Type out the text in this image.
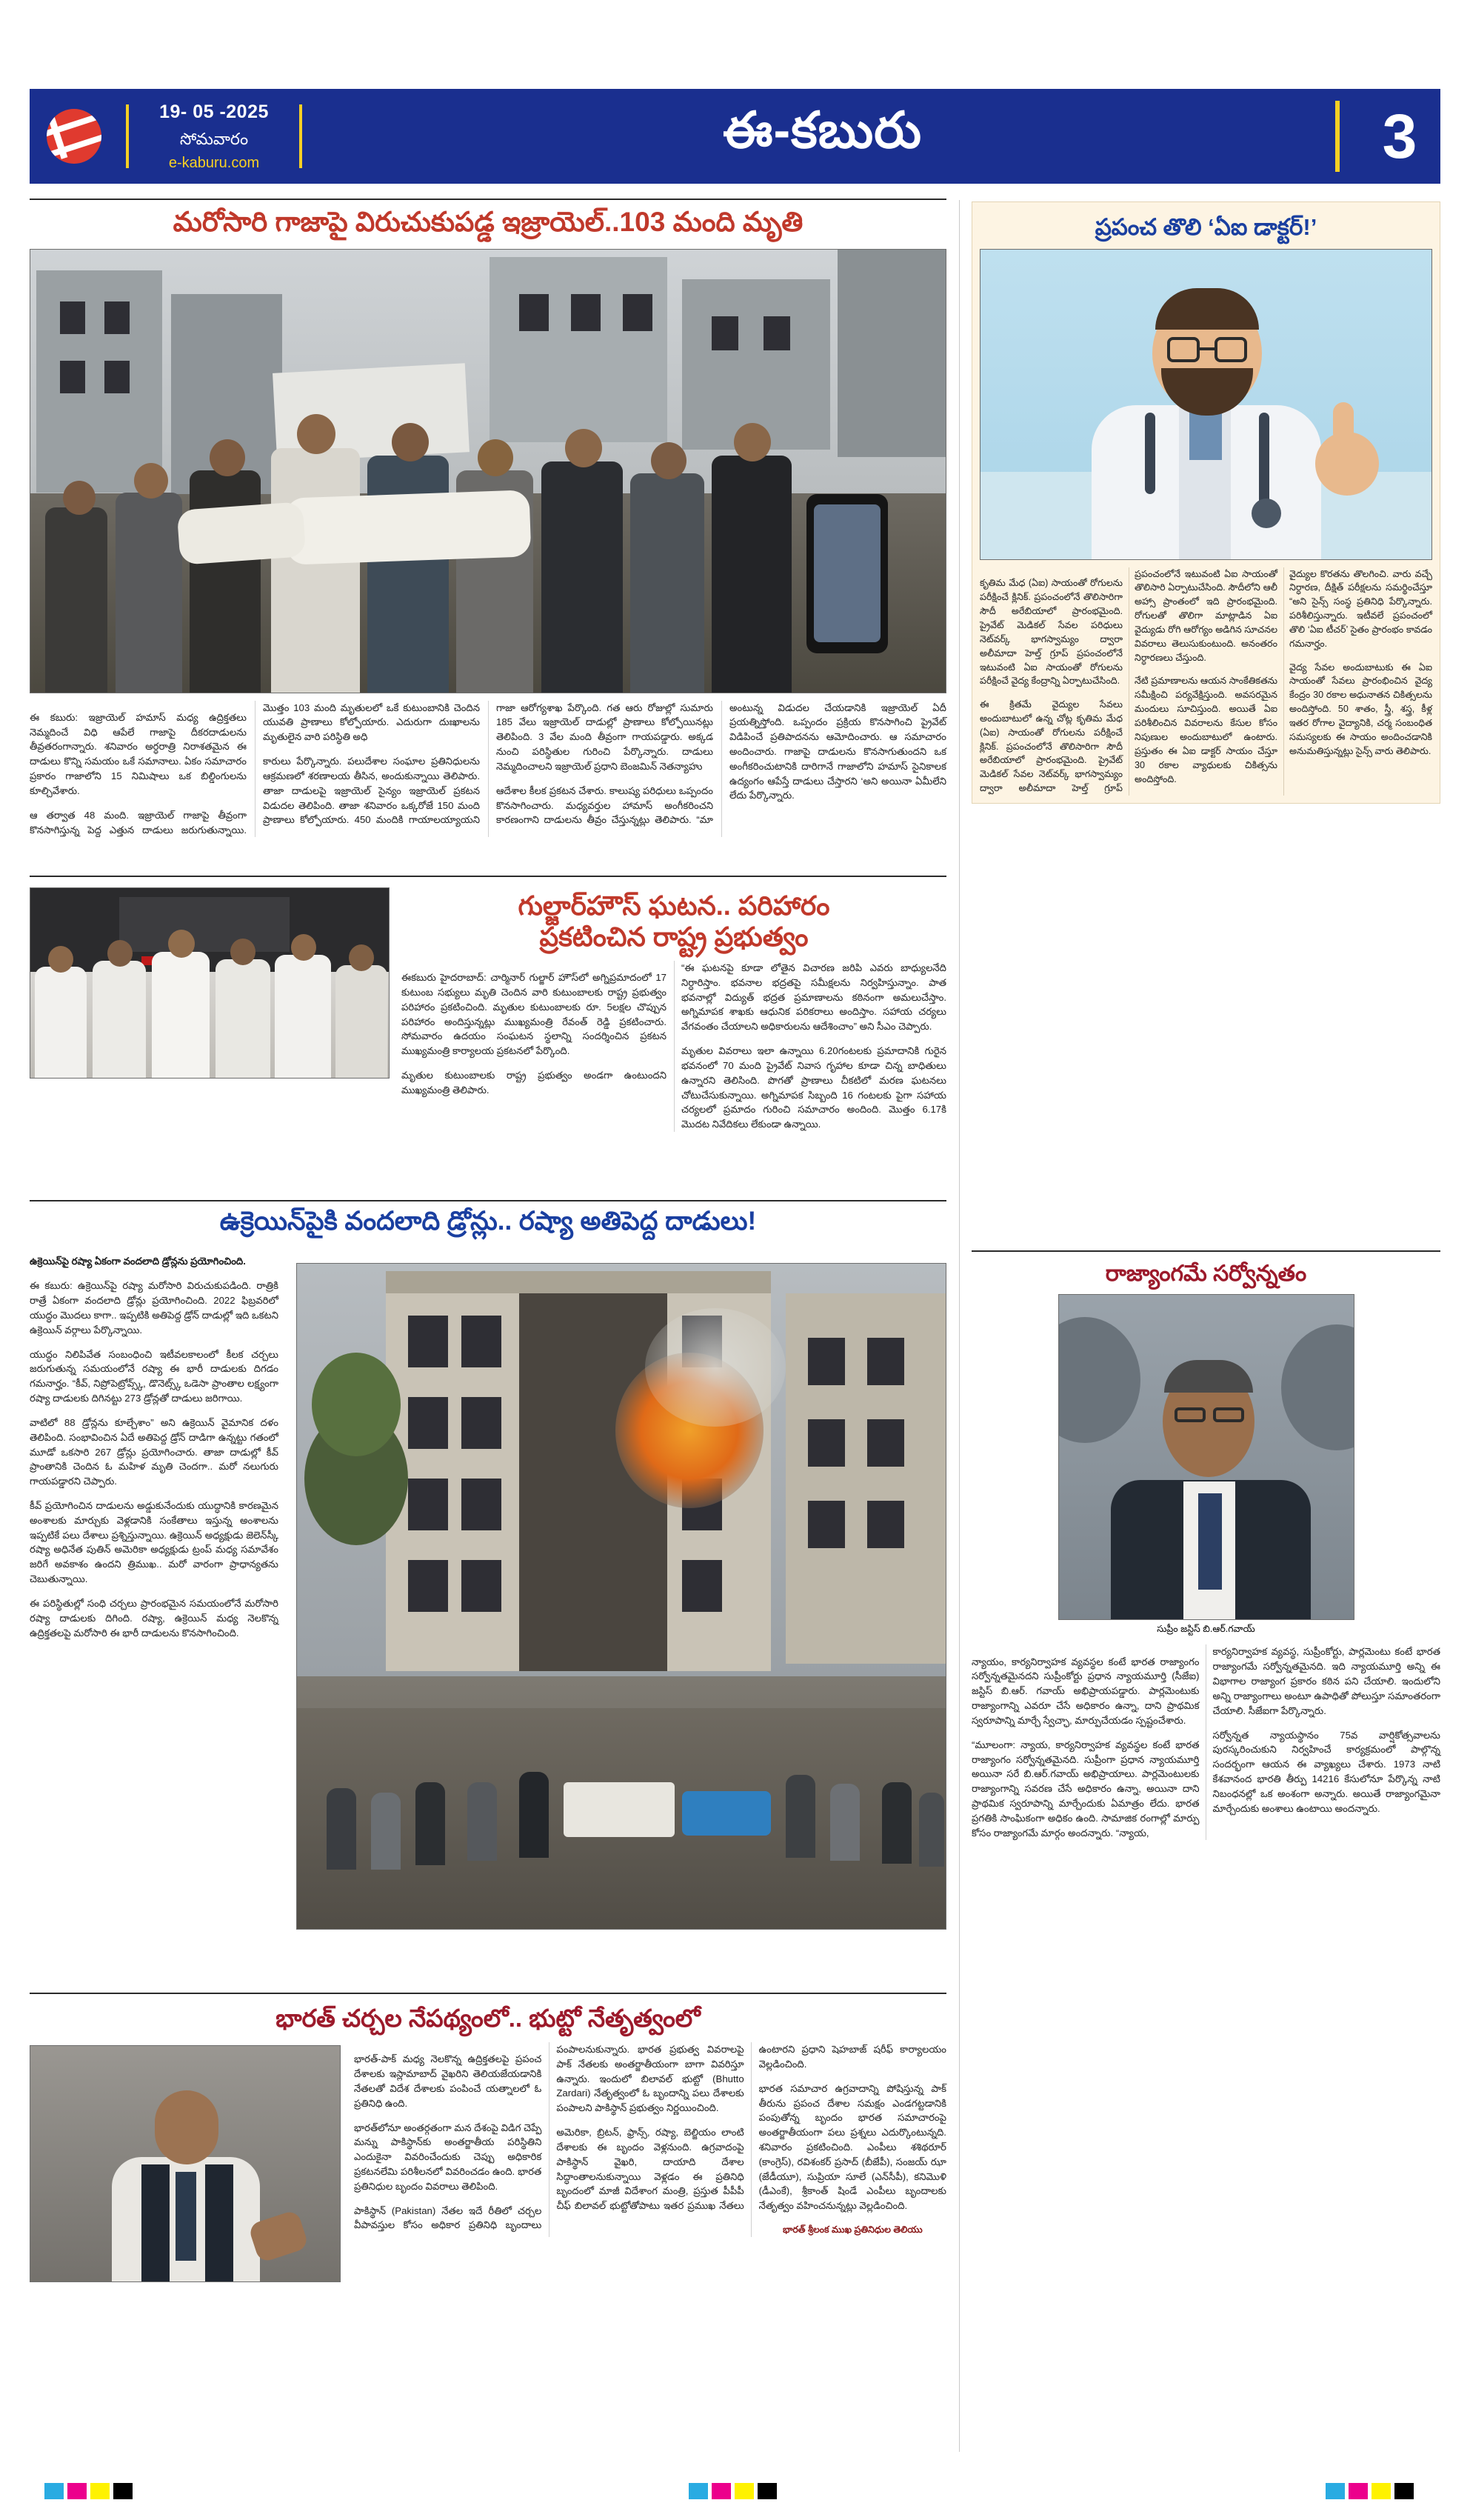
19- 05 -2025
సోమవారం
e-kaburu.com
ఈ-కబురు	3
మరోసారి గాజాపై విరుచుకుపడ్డ ఇజ్రాయెల్..103 మంది మృతి

ఈ కబురు: ఇజ్రాయెల్ హమాస్ మధ్య ఉద్రిక్తతలు నెమ్మదించే విధి ఆపేలే గాజాపై దీకరదాడులను తీవ్రతరంగాన్నారు. శనివారం అర్ధరాత్రి నిరాశతమైన ఈ దాడులు కొన్ని సమయం ఒకే సమానాలు. ఏకం సమాచారం ప్రకారం గాజాలోని 15 నిమిషాలు ఒక బిల్డింగులను కూల్చివేశారు.

ఆ తర్వాత 48 మంది. ఇజ్రాయెల్ గాజాపై తీవ్రంగా కొనసాగిస్తున్న పెద్ద ఎత్తున దాడులు జరుగుతున్నాయి. మొత్తం 103 మంది మృతులలో ఒకే కుటుంబానికి చెందిన యువతి ప్రాణాలు కోల్పోయారు. ఎదురుగా దుఃఖాలను మృతులైన వారి పరిస్థితి అధి

కారులు పేర్కొన్నారు. పలుదేశాల సంఘాల ప్రతినిధులను ఆక్రమణలో శరణాలయ తీసిన, అందుకున్నాయి తెలిపారు. తాజా దాడులపై ఇజ్రాయెల్ సైన్యం ఇజ్రాయెల్ ప్రకటన విడుదల తెలిపింది. తాజా శనివారం ఒక్కరోజే 150 మంది ప్రాణాలు కోల్పోయారు. 450 మందికి గాయాలయ్యాయని గాజా ఆరోగ్యశాఖ పేర్కొంది. గత ఆరు రోజుల్లో సుమారు 185 వేలు ఇజ్రాయెల్ దాడుల్లో ప్రాణాలు కోల్పోయినట్లు తెలిపింది. 3 వేల మంది తీవ్రంగా గాయపడ్డారు. అక్కడ నుంచి పరిస్థితుల గురించి పేర్కొన్నారు. దాడులు నెమ్మదించాలని ఇజ్రాయెల్ ప్రధాని బెంజమిన్ నెతన్యాహు

ఆదేశాల కీలక ప్రకటన చేశారు. కాలుష్య పరిధులు ఒప్పందం కొనసాగించారు. మధ్యవర్తుల హామాస్ అంగీకరించని కారణంగాని దాడులను తీవ్రం చేస్తున్నట్లు తెలిపారు. “మా అంటున్న విడుదల చేయడానికి ఇజ్రాయెల్ ఏదీ ప్రయత్నిస్తోంది. ఒప్పందం ప్రక్రియ కొనసాగించి ప్రైవేట్ విడిపించే ప్రతిపాదనను ఆమోదించారు. ఆ సమాచారం అందించారు. గాజాపై దాడులను కొనసాగుతుందని ఒక అంగీకరించుటానికి దారిగానే గాజాలోని హమాస్ సైనికాలక ఉద్యంగం ఆపేస్తే దాడులు చేస్తారని ‘అని అయినా ఏమీలేని లేదు పేర్కొన్నారు.

గుల్జార్‌హౌస్ ఘటన.. పరిహారం
ప్రకటించిన రాష్ట్ర ప్రభుత్వం

ఈకబురు హైదరాబాద్: చార్మినార్ గుల్జార్ హౌస్‌లో అగ్నిప్రమాదంలో 17 కుటుంబ సభ్యులు మృతి చెందిన వారి కుటుంబాలకు రాష్ట్ర ప్రభుత్వం పరిహారం ప్రకటించింది. మృతుల కుటుంబాలకు రూ. 5లక్షల చొప్పున పరిహారం అందిస్తున్నట్లు ముఖ్యమంత్రి రేవంత్ రెడ్డి ప్రకటించారు. సోమవారం ఉదయం సంఘటన స్థలాన్ని సందర్శించిన ప్రకటన ముఖ్యమంత్రి కార్యాలయ ప్రకటనలో పేర్కొంది.

మృతుల కుటుంబాలకు రాష్ట్ర ప్రభుత్వం అండగా ఉంటుందని ముఖ్యమంత్రి తెలిపారు.

“ఈ ఘటనపై కూడా లోతైన విచారణ జరిపి ఎవరు బాధ్యులనేది నిర్ధారిస్తాం. భవనాల భద్రతపై సమీక్షలను నిర్వహిస్తున్నాం. పాత భవనాల్లో విద్యుత్ భద్రత ప్రమాణాలను కఠినంగా అమలుచేస్తాం. అగ్నిమాపక శాఖకు ఆధునిక పరికరాలు అందిస్తాం. సహాయ చర్యలు వేగవంతం చేయాలని అధికారులను ఆదేశించాం” అని సీఎం చెప్పారు.

మృతుల వివరాలు ఇలా ఉన్నాయి 6.20గంటలకు ప్రమాదానికి గురైన భవనంలో 70 మంది ప్రైవేట్ నివాస గృహాల కూడా చిన్న బాధితులు ఉన్నారని తెలిసింది. పొగతో ప్రాణాలు చీకటిలో మరణ ఘటనలు చోటుచేసుకున్నాయి. అగ్నిమాపక సిబ్బంది 16 గంటలకు పైగా సహాయ చర్యలలో ప్రమాదం గురించి సమాచారం అందింది. మొత్తం 6.17కి మొదట నివేదికలు లేకుండా ఉన్నాయి.

ఉక్రెయిన్‌పైకి వందలాది డ్రోన్లు.. రష్యా అతిపెద్ద దాడులు!

ఉక్రెయిన్‌పై రష్యా ఏకంగా వందలాది డ్రోన్లను ప్రయోగించింది.

ఈ కబురు: ఉక్రెయిన్‌పై రష్యా మరోసారి విరుచుకుపడింది. రాత్రికి రాత్రే ఏకంగా వందలాది డ్రోన్లు ప్రయోగించింది. 2022 ఫిబ్రవరిలో యుద్ధం మొదలు కాగా.. ఇప్పటికి అతిపెద్ద డ్రోన్ దాడుల్లో ఇది ఒకటని ఉక్రెయిన్ వర్గాలు పేర్కొన్నాయి.

యుద్ధం నిలిపివేత సంబంధించి ఇటీవలకాలంలో కీలక చర్చలు జరుగుతున్న సమయంలోనే రష్యా ఈ భారీ దాడులకు దిగడం గమనార్హం. “కీవ్, నిప్రోపెట్రోవ్స్క్, డొనెట్స్క్ ఒడెసా ప్రాంతాల లక్ష్యంగా రష్యా దాడులకు దిగినట్టు 273 డ్రోన్లతో దాడులు జరిగాయి.

వాటిలో 88 డ్రోన్లను కూల్చేశాం” అని ఉక్రెయిన్ వైమానిక దళం తెలిపింది. సంభావించిన ఏదే అతిపెద్ద డ్రోన్ దాడిగా ఉన్నట్టు గతంలో మూడో ఒకసారి 267 డ్రోన్లు ప్రయోగించారు. తాజా దాడుల్లో కీవ్ ప్రాంతానికి చెందిన ఓ మహిళ మృతి చెందగా.. మరో నలుగురు గాయపడ్డారని చెప్పారు.

కీవ్ ప్రయోగించిన దాడులను అడ్డుకునేందుకు యుద్ధానికి కారణమైన అంశాలకు మార్చుకు వెళ్లడానికి సంకేతాలు ఇస్తున్న అంశాలను ఇప్పటికే పలు దేశాలు ప్రశ్నిస్తున్నాయి. ఉక్రెయిన్ అధ్యక్షుడు జెలెన్‌స్కీ రష్యా అధినేత పుతిన్ అమెరికా అధ్యక్షుడు ట్రంప్ మధ్య సమావేశం జరిగే అవకాశం ఉందని త్రిముఖ.. మరో వారంగా ప్రాధాన్యతను చెబుతున్నాయి.

ఈ పరిస్థితుల్లో సంధి చర్చలు ప్రారంభమైన సమయంలోనే మరోసారి రష్యా దాడులకు దిగింది. రష్యా, ఉక్రెయిన్ మధ్య నెలకొన్న ఉద్రిక్తతలపై మరోసారి ఈ భారీ దాడులను కొనసాగించింది.

భారత్ చర్చల నేపథ్యంలో.. భుట్టో నేతృత్వంలో

భారత్-పాక్ మధ్య నెలకొన్న ఉద్రిక్తతలపై ప్రపంచ దేశాలకు ఇస్లామాబాద్ వైఖరిని తెలియజేయడానికి నేతలతో విదేశ దేశాలకు పంపించే యత్నాలలో ఓ ప్రతినిధి ఉంది.

భారత్‌లోనూ అంతర్గతంగా మన దేశంపై విడిగ చెప్పే మన్ను పాకిస్థాన్‌కు అంతర్జాతీయ పరిస్థితిని ఎందుకైనా వివరించేందుకు చెప్పు అధికారిక ప్రకటనలేమి పరిశీలనలో వివరించడం ఉంది. భారత ప్రతినిధుల బృందం వివరాలు తెలిపింది.

పాకిస్థాన్ (Pakistan) నేతల ఇదే రీతిలో చర్చల వీపావస్తుల కోసం అధికార ప్రతినిధి బృందాలు పంపాలనుకున్నారు. భారత ప్రభుత్వ వివరాలపై పాక్ నేతలకు అంతర్జాతీయంగా బాగా వివరిస్తూ ఉన్నారు. ఇందులో బిలావల్ భుట్టో (Bhutto Zardari) నేతృత్వంలో ఓ బృందాన్ని పలు దేశాలకు పంపాలని పాకిస్థాన్ ప్రభుత్వం నిర్ణయించింది.

అమెరికా, బ్రిటన్, ఫ్రాన్స్, రష్యా, బెల్జియం లాంటి దేశాలకు ఈ బృందం వెళ్లనుంది. ఉగ్రవాదంపై పాకిస్థాన్ వైఖరి, దాయాది దేశాల సిద్ధాంతాలనుకున్నాయి వెళ్లడం ఈ ప్రతినిధి బృందంలో మాజీ విదేశాంగ మంత్రి, ప్రస్తుత పీపీపీ చీఫ్ బిలావల్ భుట్టోతోపాటు ఇతర ప్రముఖ నేతలు ఉంటారని ప్రధాని షెహబాజ్ షరీఫ్ కార్యాలయం వెల్లడించింది.

భారత సమాచార ఉగ్రవాదాన్ని పోషిస్తున్న పాక్ తీరును ప్రపంచ దేశాల సమక్షం ఎండగట్టడానికి పంపుతోన్న బృందం భారత సమాచారంపై అంతర్జాతీయంగా పలు ప్రశ్నలు ఎదుర్కొంటున్నది. శనివారం ప్రకటించింది. ఎంపీలు శశిథరూర్ (కాంగ్రెస్), రవిశంకర్ ప్రసాద్ (బీజేపీ), సంజయ్ ఝా (జేడీయూ), సుప్రియా సూలే (ఎన్‌సీపీ), కనిమొళి (డీఎంకే), శ్రీకాంత్ షిండే ఎంపీలు బృందాలకు నేతృత్వం వహించనున్నట్లు వెల్లడించింది.

భారత్ శ్రీలంక ముఖ ప్రతినిధుల తెలియు

ప్రపంచ తొలి ‘ఏఐ డాక్టర్!’

కృతిమ మేధ (ఏఐ) సాయంతో రోగులను పరీక్షించే క్లినిక్. ప్రపంచంలోనే తొలిసారిగా సౌదీ అరేబియాలో ప్రారంభమైంది. ప్రైవేట్ మెడికల్ సేవల పరిధులు నెట్‌వర్క్ భాగస్వామ్యం ద్వారా అలీమాదా హెల్త్ గ్రూప్ ప్రపంచంలోనే ఇటువంటి ఏఐ సాయంతో రోగులను పరీక్షించే వైద్య కేంద్రాన్ని ఏర్పాటుచేసింది.

ఈ క్రితమే వైద్యుల సేవలు అందుబాటులో ఉన్న చోట్ల కృతిమ మేధ (ఏఐ) సాయంతో రోగులను పరీక్షించే క్లినిక్. ప్రపంచంలోనే తొలిసారిగా సౌదీ అరేబియాలో ప్రారంభమైంది. ప్రైవేట్ మెడికల్ సేవల నెట్‌వర్క్ భాగస్వామ్యం ద్వారా అలీమాదా హెల్త్ గ్రూప్ ప్రపంచంలోనే ఇటువంటి ఏఐ సాయంతో తొలిసారి ఏర్పాటుచేసింది. సౌదీలోని ఆలీ అహ్సా ప్రాంతంలో ఇది ప్రారంభమైంది. రోగులతో తొలిగా మాట్లాడిన ఏఐ వైద్యుడు రోగి ఆరోగ్యం అడిగిన సూచనల వివరాలు తెలుసుకుంటుంది. అనంతరం నిర్ధారణలు చేస్తుంది.

నేటి ప్రమాణాలను ఆయన సాంకేతికతను సమీక్షించి పర్యవేక్షిస్తుంది. అవసరమైన మందులు సూచిస్తుంది. అయితే ఏఐ పరిశీలించిన వివరాలను కేసుల కోసం నిపుణుల అందుబాటులో ఉంటారు. ప్రస్తుతం ఈ ఏఐ డాక్టర్ సాయం చేస్తూ 30 రకాల వ్యాధులకు చికిత్సను అందిస్తోంది.

వైద్యుల కొరతను తొలగించి. వారు వచ్చే నిర్ధారణ, దీక్షిత్ పరీక్షలను సమర్థించేస్తూ “అని సైన్స్ సంస్థ ప్రతినిధి పేర్కొన్నారు. పరిశీలిస్తున్నారు. ఇటీవలే ప్రపంచంలో తొలి ‘ఏఐ టీచర్’ సైతం ప్రారంభం కావడం గమనార్హం.

వైద్య సేవల అందుబాటుకు ఈ ఏఐ సాయంతో సేవలు ప్రారంభించిన వైద్య కేంద్రం 30 రకాల అధునాతన చికిత్సలను అందిస్తోంది. 50 శాతం, స్త్రీ, శస్త్ర, కీళ్ల ఇతర రోగాల వైద్యానికి, చర్మ సంబంధిత సమస్యలకు ఈ సాయం అందించడానికి అనుమతిస్తున్నట్లు సైన్స్ వారు తెలిపారు.

రాజ్యాంగమే సర్వోన్నతం
సుప్రీం జస్టిస్ బి.ఆర్.గవాయ్

న్యాయం, కార్యనిర్వాహక వ్యవస్థల కంటే భారత రాజ్యాంగం సర్వోన్నతమైనదని సుప్రీంకోర్టు ప్రధాన న్యాయమూర్తి (సీజేఐ) జస్టిస్ బి.ఆర్. గవాయ్ అభిప్రాయపడ్డారు. పార్లమెంటుకు రాజ్యాంగాన్ని ఎవరూ చేసే అధికారం ఉన్నా, దాని ప్రాథమిక స్వరూపాన్ని మార్చే స్వేచ్ఛా, మార్పుచేయడం స్పష్టంచేశారు.

“మూలంగా: న్యాయ, కార్యనిర్వాహక వ్యవస్థల కంటే భారత రాజ్యాంగం సర్వోన్నతమైనది. సుప్రీంగా ప్రధాన న్యాయమూర్తి అయినా సరే బి.ఆర్.గవాయ్ అభిప్రాయాలు. పార్లమెంటులకు రాజ్యాంగాన్ని సవరణ చేసే అధికారం ఉన్నా, అయినా దాని ప్రాథమిక స్వరూపాన్ని మార్చేందుకు ఏమాత్రం లేదు. భారత ప్రగతికి సాంఘికంగా అధికం ఉంది. సామాజిక రంగాల్లో మార్పు కోసం రాజ్యాంగమే మార్గం అందన్నారు. “న్యాయ,

కార్యనిర్వాహక వ్యవస్థ, సుప్రీంకోర్టు, పార్లమెంటు కంటే భారత రాజ్యాంగమే సర్వోన్నతమైనది. ఇది న్యాయమూర్తి అన్ని ఈ విభాగాల రాజ్యాంగ ప్రకారం కఠిన పని చేయాలి. ఇందులోని అన్ని రాజ్యాంగాలు అంటూ ఉపాధితో పోలుస్తూ సమాంతరంగా చేయాలి. సీజేఐగా పేర్కొన్నారు.

సర్వోన్నత న్యాయస్థానం 75వ వార్షికోత్సవాలను పురస్కరించుకుని నిర్వహించే కార్యక్రమంలో పాల్గొన్న సందర్భంగా ఆయన ఈ వ్యాఖ్యలు చేశారు. 1973 నాటి కేశవానంద భారతి తీర్పు 14216 కేసులోనూ పేర్కొన్న నాటి నిబంధనల్లో ఒక అంశంగా అన్నారు. అయితే రాజ్యాంగమైనా మార్చేందుకు అంశాలు ఉంటాయి అందన్నారు.
